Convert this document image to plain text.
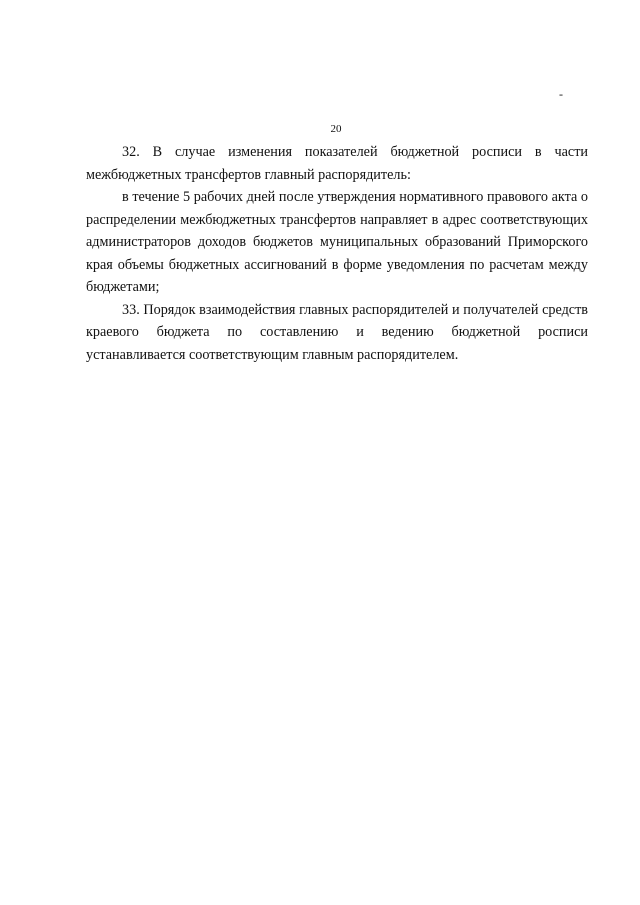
-
20

32. В случае изменения показателей бюджетной росписи в части межбюджетных трансфертов главный распорядитель:

в течение 5 рабочих дней после утверждения нормативного правового акта о распределении межбюджетных трансфертов направляет в адрес соответствующих администраторов доходов бюджетов муниципальных образований Приморского края объемы бюджетных ассигнований в форме уведомления по расчетам между бюджетами;

33. Порядок взаимодействия главных распорядителей и получателей средств краевого бюджета по составлению и ведению бюджетной росписи устанавливается соответствующим главным распорядителем.
